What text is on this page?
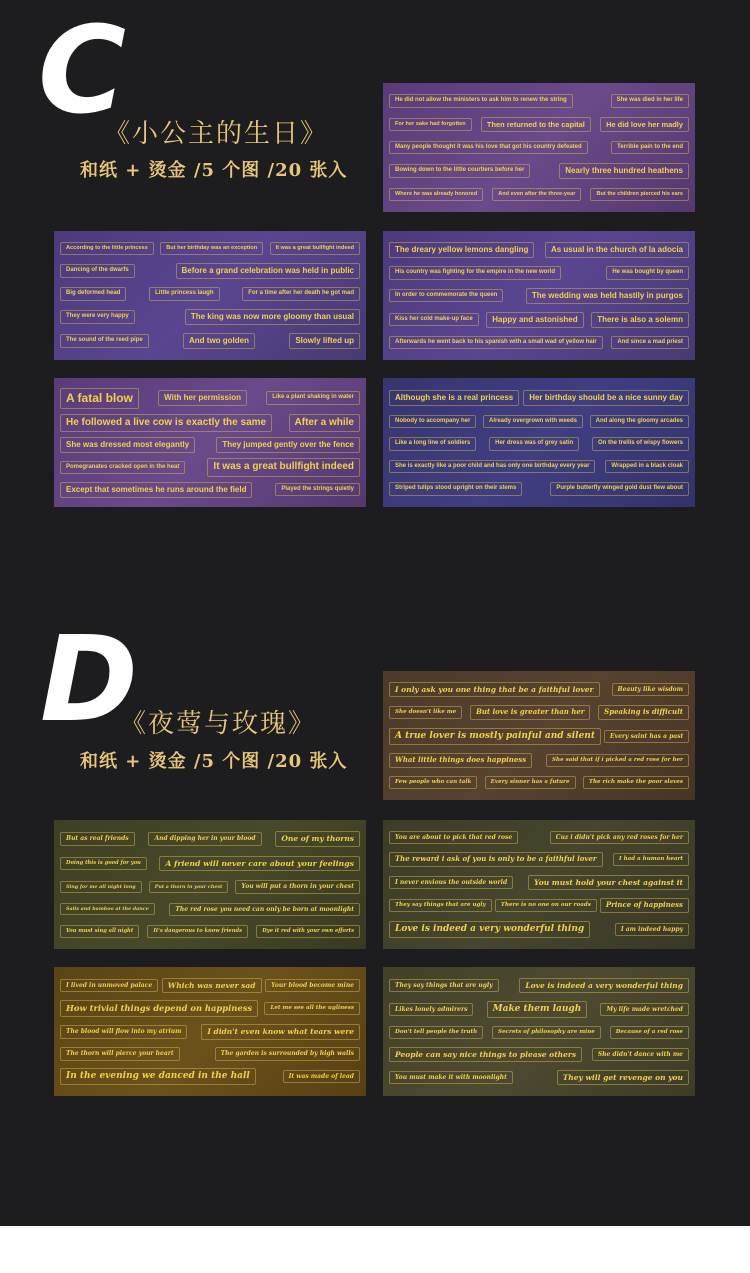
C
《小公主的生日》
和纸 + 烫金 /5 个图 /20 张入
He did not allow the ministers to ask him to renew the string	She was died in her life
For her sake had forgotten	Then returned to the capital	He did love her madly
Many people thought it was his love that got his country defeated	Terrible pain to the end
Bowing down to the little courtiers before her	Nearly three hundred heathens
Where he was already honored	And even after the three-year	But the children pierced his ears
According to the little princess	But her birthday was an exception	It was a great bullfight indeed
Dancing of the dwarfs	Before a grand celebration was held in public
Big deformed head	Little princess laugh	For a time after her death he got mad
They were very happy	The king was now more gloomy than usual
The sound of the reed pipe	And two golden	Slowly lifted up
The dreary yellow lemons dangling	As usual in the church of la adocia
His country was fighting for the empire in the new world	He was bought by queen
In order to commemorate the queen	The wedding was held hastily in purgos
Kiss her cold make-up face	Happy and astonished	There is also a solemn
Afterwards he went back to his spanish with a small wad of yellow hair	And since a mad priest
A fatal blow	With her permission	Like a plant shaking in water
He followed a live cow is exactly the same	After a while
She was dressed most elegantly	They jumped gently over the fence
Pomegranates cracked open in the heat	It was a great bullfight indeed
Except that sometimes he runs around the field	Played the strings quietly
Although she is a real princess	Her birthday should be a nice sunny day
Nobody to accompany her	Already overgrown with weeds	And along the gloomy arcades
Like a long line of soldiers	Her dress was of grey satin	On the trellis of wispy flowers
She is exactly like a poor child and has only one birthday every year	Wrapped in a black cloak
Striped tulips stood upright on their stems	Purple butterfly winged gold dust flew about
D
《夜莺与玫瑰》
和纸 + 烫金 /5 个图 /20 张入
I only ask you one thing that be a faithful lover	Beauty like wisdom
She doesn't like me	But love is greater than her	Speaking is difficult
A true lover is mostly painful and silent	Every saint has a past
What little things does happiness	She said that if i picked a red rose for her
Few people who can talk	Every sinner has a future	The rich make the poor slaves
But as real friends	And dipping her in your blood	One of my thorns
Doing this is good for you	A friend will never care about your feelings
Sing for me all night long	Put a thorn in your chest	You will put a thorn in your chest
Sails and bamboo at the dance	The red rose you need can only be born at moonlight
You must sing all night	It's dangerous to know friends	Dye it red with your own efforts
You are about to pick that red rose	Cuz i didn't pick any red roses for her
The reward i ask of you is only to be a faithful lover	I had a human heart
I never envious the outside world	You must hold your chest against it
They say things that are ugly	There is no one on our roads	Prince of happiness
Love is indeed a very wonderful thing	I am indeed happy
I lived in unmoved palace	Which was never sad	Your blood become mine
How trivial things depend on happiness	Let me see all the ugliness
The blood will flow into my atrium	I didn't even know what tears were
The thorn will pierce your heart	The garden is surrounded by high walls
In the evening we danced in the hall	It was made of lead
They say things that are ugly	Love is indeed a very wonderful thing
Likes lonely admirers	Make them laugh	My life made wretched
Don't tell people the truth	Secrets of philosophy are mine	Because of a red rose
People can say nice things to please others	She didn't dance with me
You must make it with moonlight	They will get revenge on you
